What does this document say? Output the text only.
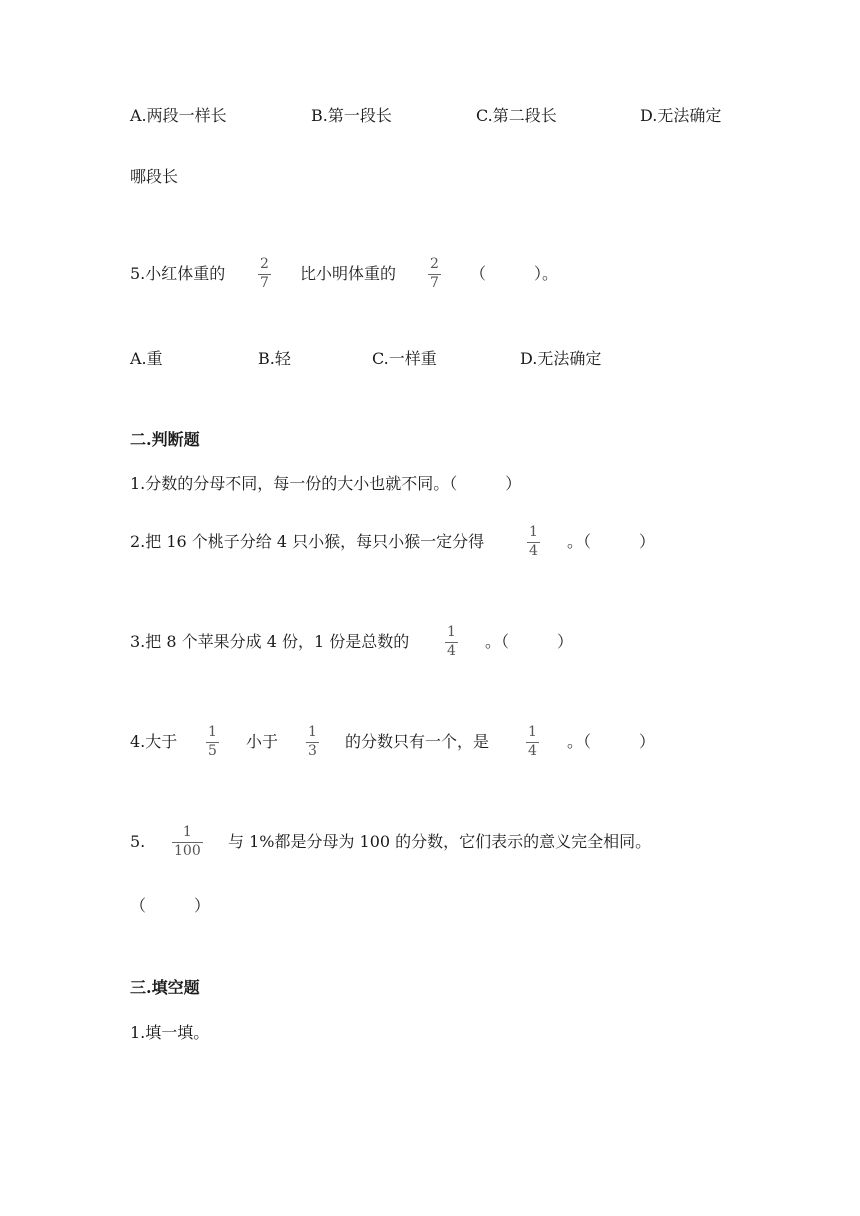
A.两段一样长	B.第一段长	C.第二段长	D.无法确定
哪段长
5.小红体重的 2
7 比小明体重的 2
7 （　　　）。
A.重	B.轻	C.一样重	D.无法确定
二.判断题
1.分数的分母不同，每一份的大小也就不同。（　　　）
2.把 16 个桃子分给 4 只小猴，每只小猴一定分得	1
4 。（　　　）
3.把 8 个苹果分成 4 份，1 份是总数的	1
4 。（　　　）
4.大于 1
5 小于 1
3 的分数只有一个，是	1
4 。（　　　）
5.	1
100 与 1%都是分母为 100 的分数，它们表示的意义完全相同。
（　　　）
三.填空题
1.填一填。
